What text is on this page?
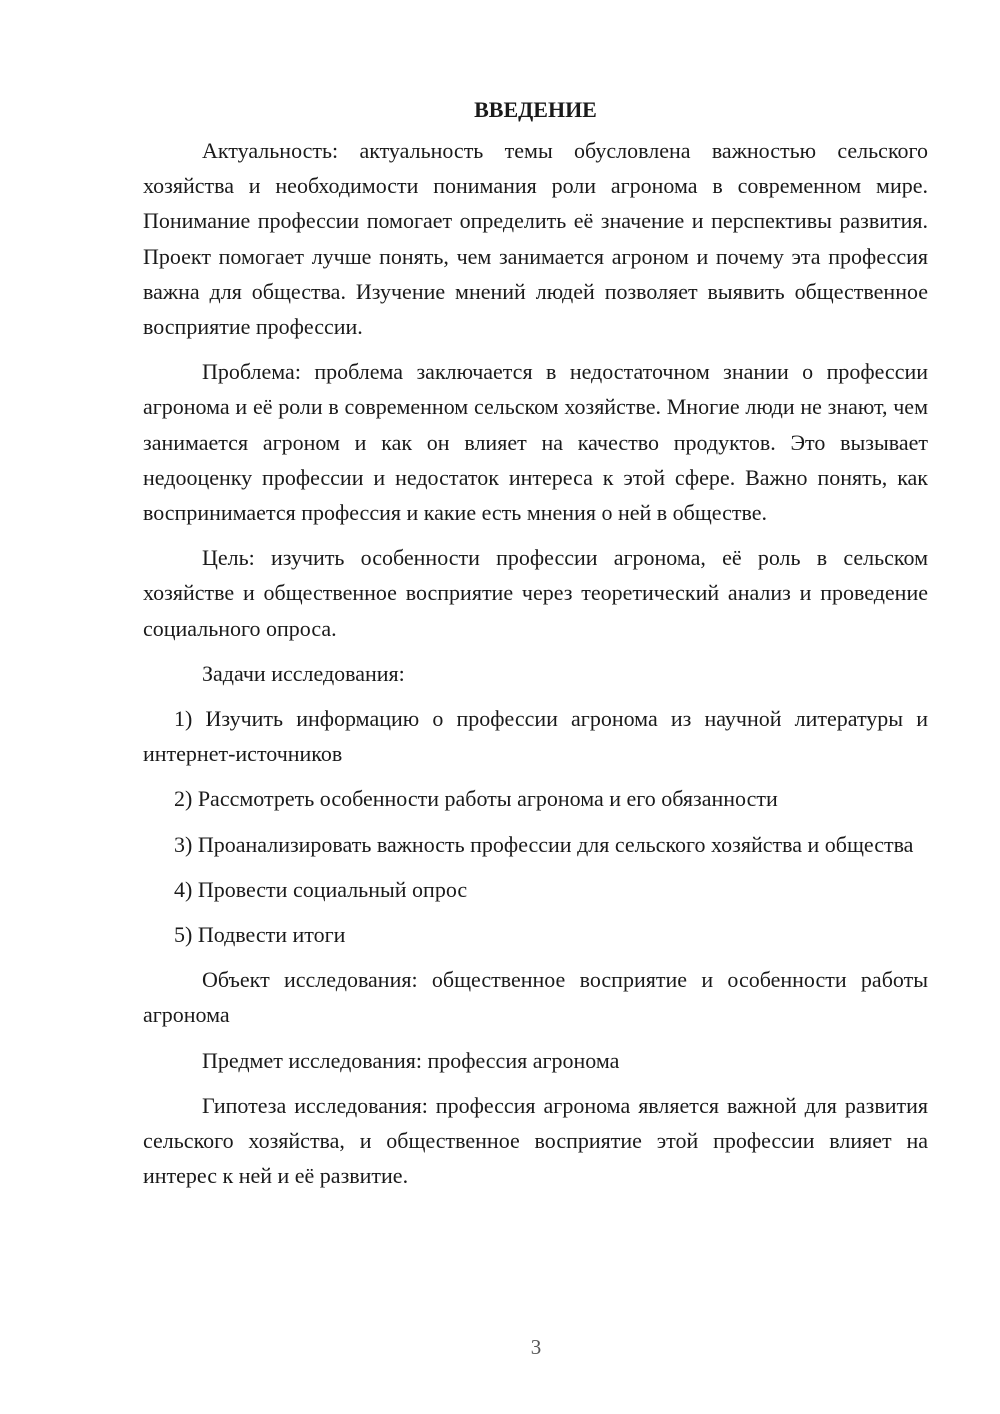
ВВЕДЕНИЕ

Актуальность: актуальность темы обусловлена важностью сельского хозяйства и необходимости понимания роли агронома в современном мире. Понимание профессии помогает определить её значение и перспективы развития. Проект помогает лучше понять, чем занимается агроном и почему эта профессия важна для общества. Изучение мнений людей позволяет выявить общественное восприятие профессии.

Проблема: проблема заключается в недостаточном знании о профессии агронома и её роли в современном сельском хозяйстве. Многие люди не знают, чем занимается агроном и как он влияет на качество продуктов. Это вызывает недооценку профессии и недостаток интереса к этой сфере. Важно понять, как воспринимается профессия и какие есть мнения о ней в обществе.

Цель: изучить особенности профессии агронома, её роль в сельском хозяйстве и общественное восприятие через теоретический анализ и проведение социального опроса.

Задачи исследования:

1) Изучить информацию о профессии агронома из научной литературы и интернет-источников

2) Рассмотреть особенности работы агронома и его обязанности

3) Проанализировать важность профессии для сельского хозяйства и общества

4) Провести социальный опрос

5) Подвести итоги

Объект исследования: общественное восприятие и особенности работы агронома

Предмет исследования: профессия агронома

Гипотеза исследования: профессия агронома является важной для развития сельского хозяйства, и общественное восприятие этой профессии влияет на интерес к ней и её развитие.

3
